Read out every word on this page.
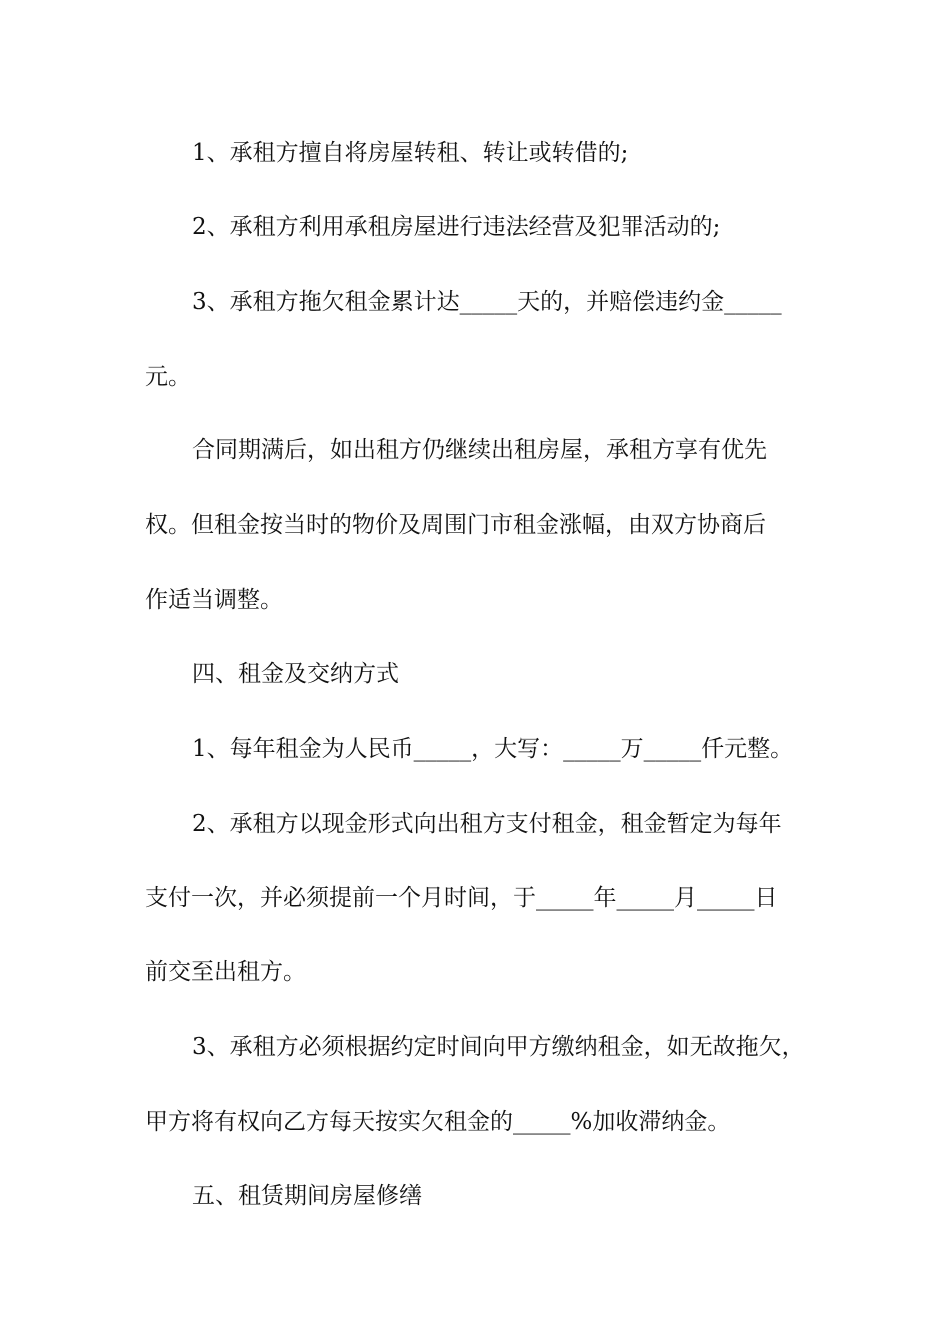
1、承租方擅自将房屋转租、转让或转借的;
2、承租方利用承租房屋进行违法经营及犯罪活动的;
3、承租方拖欠租金累计达_____天的，并赔偿违约金_____
元。
合同期满后，如出租方仍继续出租房屋，承租方享有优先
权。但租金按当时的物价及周围门市租金涨幅，由双方协商后
作适当调整。
四、租金及交纳方式
1、每年租金为人民币_____，大写：_____万_____仟元整。
2、承租方以现金形式向出租方支付租金，租金暂定为每年
支付一次，并必须提前一个月时间，于_____年_____月_____日
前交至出租方。
3、承租方必须根据约定时间向甲方缴纳租金，如无故拖欠，
甲方将有权向乙方每天按实欠租金的_____%加收滞纳金。
五、租赁期间房屋修缮
